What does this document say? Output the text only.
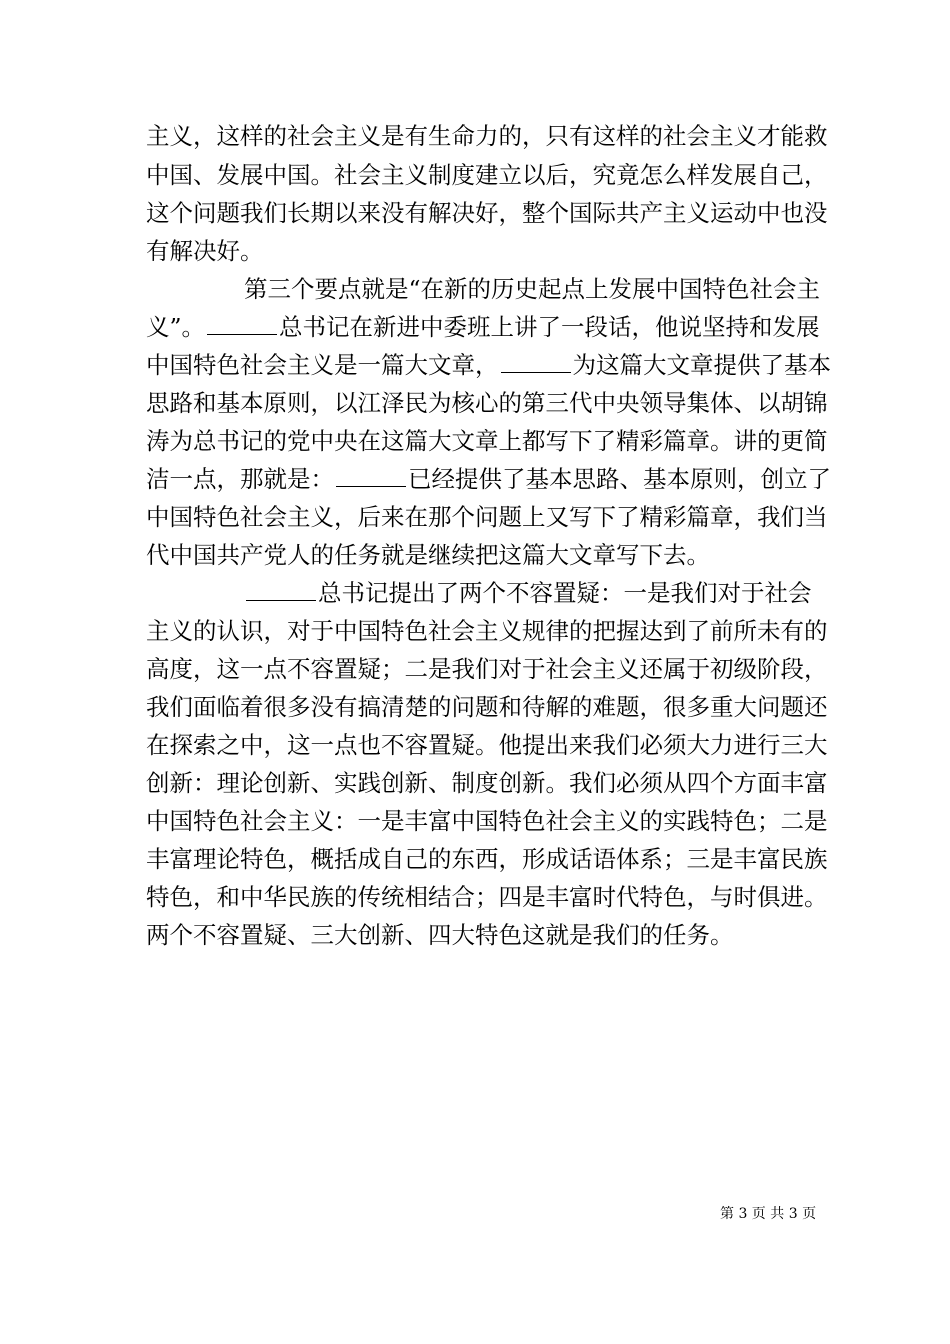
主义，这样的社会主义是有生命力的，只有这样的社会主义才能救
中国、发展中国。社会主义制度建立以后，究竟怎么样发展自己，
这个问题我们长期以来没有解决好，整个国际共产主义运动中也没
有解决好。
第三个要点就是“在新的历史起点上发展中国特色社会主
义”。	总书记在新进中委班上讲了一段话，他说坚持和发展
中国特色社会主义是一篇大文章，	为这篇大文章提供了基本
思路和基本原则，以江泽民为核心的第三代中央领导集体、以胡锦
涛为总书记的党中央在这篇大文章上都写下了精彩篇章。讲的更简
洁一点，那就是：	已经提供了基本思路、基本原则，创立了
中国特色社会主义，后来在那个问题上又写下了精彩篇章，我们当
代中国共产党人的任务就是继续把这篇大文章写下去。
总书记提出了两个不容置疑：一是我们对于社会
主义的认识，对于中国特色社会主义规律的把握达到了前所未有的
高度，这一点不容置疑；二是我们对于社会主义还属于初级阶段，
我们面临着很多没有搞清楚的问题和待解的难题，很多重大问题还
在探索之中，这一点也不容置疑。他提出来我们必须大力进行三大
创新：理论创新、实践创新、制度创新。我们必须从四个方面丰富
中国特色社会主义：一是丰富中国特色社会主义的实践特色；二是
丰富理论特色，概括成自己的东西，形成话语体系；三是丰富民族
特色，和中华民族的传统相结合；四是丰富时代特色，与时俱进。
两个不容置疑、三大创新、四大特色这就是我们的任务。
第 3 页 共 3 页
